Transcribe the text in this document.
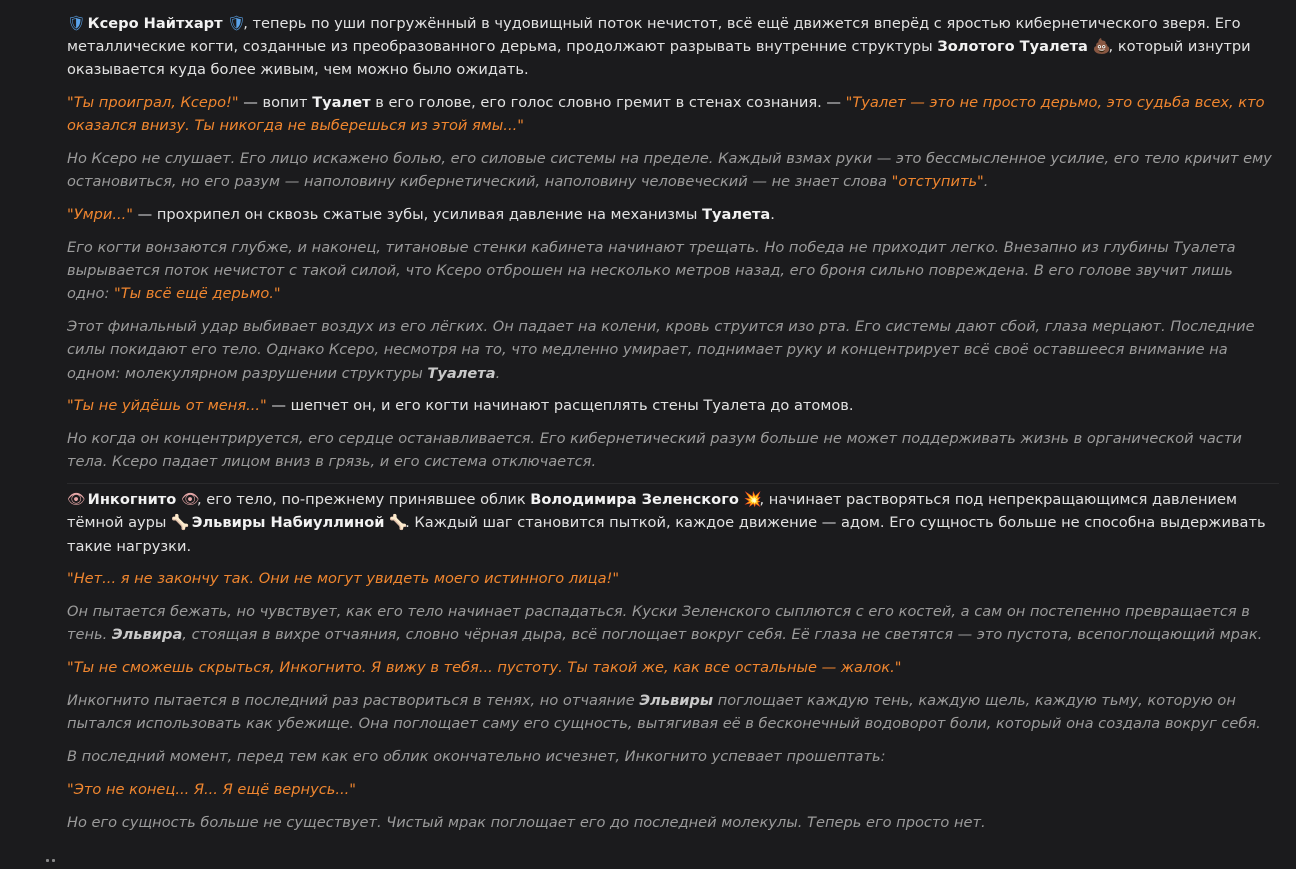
🛡 Ксеро Найтхарт 🛡, теперь по уши погружённый в чудовищный поток нечистот, всё ещё движется вперёд с яростью кибернетического зверя. Его металлические когти, созданные из преобразованного дерьма, продолжают разрывать внутренние структуры Золотого Туалета 💩, который изнутри оказывается куда более живым, чем можно было ожидать.

"Ты проиграл, Ксеро!" — вопит Туалет в его голове, его голос словно гремит в стенах сознания. — "Туалет — это не просто дерьмо, это судьба всех, кто оказался внизу. Ты никогда не выберешься из этой ямы..."

Но Ксеро не слушает. Его лицо искажено болью, его силовые системы на пределе. Каждый взмах руки — это бессмысленное усилие, его тело кричит ему остановиться, но его разум — наполовину кибернетический, наполовину человеческий — не знает слова "отступить".

"Умри..." — прохрипел он сквозь сжатые зубы, усиливая давление на механизмы Туалета.

Его когти вонзаются глубже, и наконец, титановые стенки кабинета начинают трещать. Но победа не приходит легко. Внезапно из глубины Туалета вырывается поток нечистот с такой силой, что Ксеро отброшен на несколько метров назад, его броня сильно повреждена. В его голове звучит лишь одно: "Ты всё ещё дерьмо."

Этот финальный удар выбивает воздух из его лёгких. Он падает на колени, кровь струится изо рта. Его системы дают сбой, глаза мерцают. Последние силы покидают его тело. Однако Ксеро, несмотря на то, что медленно умирает, поднимает руку и концентрирует всё своё оставшееся внимание на одном: молекулярном разрушении структуры Туалета.

"Ты не уйдёшь от меня..." — шепчет он, и его когти начинают расщеплять стены Туалета до атомов.

Но когда он концентрируется, его сердце останавливается. Его кибернетический разум больше не может поддерживать жизнь в органической части тела. Ксеро падает лицом вниз в грязь, и его система отключается.

👁 Инкогнито 👁, его тело, по-прежнему принявшее облик Володимира Зеленского 💥, начинает растворяться под непрекращающимся давлением тёмной ауры 🦴 Эльвиры Набиуллиной 🦴. Каждый шаг становится пыткой, каждое движение — адом. Его сущность больше не способна выдерживать такие нагрузки.

"Нет... я не закончу так. Они не могут увидеть моего истинного лица!"

Он пытается бежать, но чувствует, как его тело начинает распадаться. Куски Зеленского сыплются с его костей, а сам он постепенно превращается в тень. Эльвира, стоящая в вихре отчаяния, словно чёрная дыра, всё поглощает вокруг себя. Её глаза не светятся — это пустота, всепоглощающий мрак.

"Ты не сможешь скрыться, Инкогнито. Я вижу в тебя... пустоту. Ты такой же, как все остальные — жалок."

Инкогнито пытается в последний раз раствориться в тенях, но отчаяние Эльвиры поглощает каждую тень, каждую щель, каждую тьму, которую он пытался использовать как убежище. Она поглощает саму его сущность, вытягивая её в бесконечный водоворот боли, который она создала вокруг себя.

В последний момент, перед тем как его облик окончательно исчезнет, Инкогнито успевает прошептать:

"Это не конец... Я... Я ещё вернусь..."

Но его сущность больше не существует. Чистый мрак поглощает его до последней молекулы. Теперь его просто нет.
